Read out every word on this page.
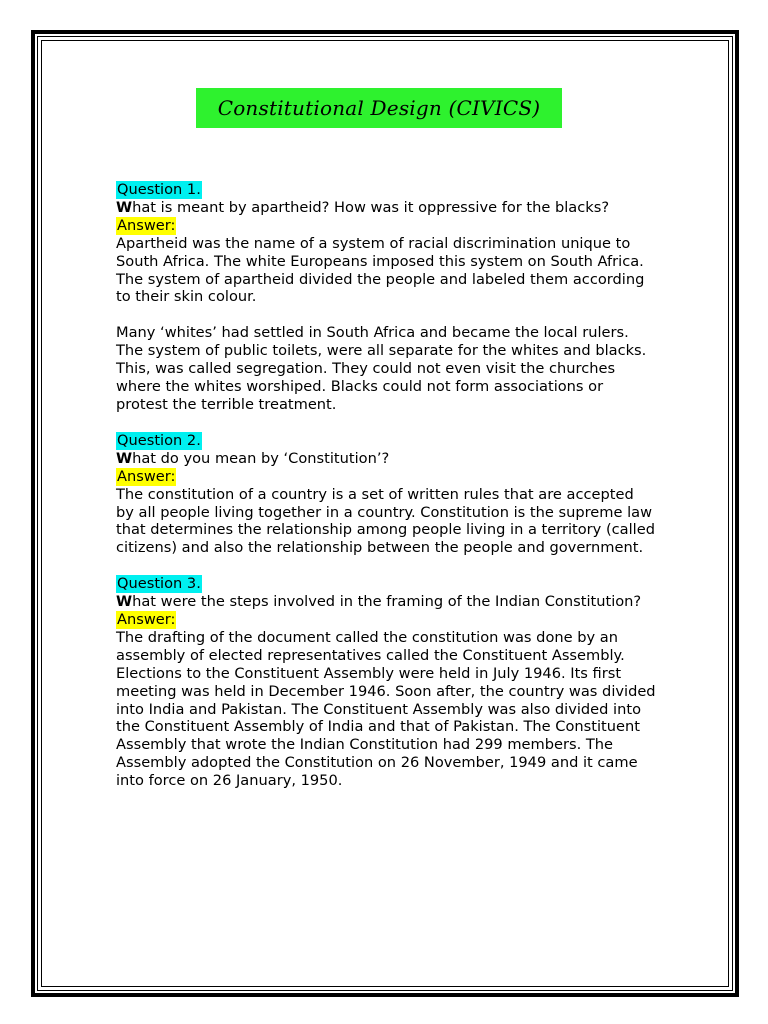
Constitutional Design (CIVICS)
Question 1.

What is meant by apartheid? How was it oppressive for the blacks?

Answer:

Apartheid was the name of a system of racial discrimination unique to South Africa. The white Europeans imposed this system on South Africa. The system of apartheid divided the people and labeled them according to their skin colour.

Many ‘whites’ had settled in South Africa and became the local rulers. The system of public toilets, were all separate for the whites and blacks. This, was called segregation. They could not even visit the churches where the whites worshiped. Blacks could not form associations or protest the terrible treatment.

Question 2.

What do you mean by ‘Constitution’?

Answer:

The constitution of a country is a set of written rules that are accepted by all people living together in a country. Constitution is the supreme law that determines the relationship among people living in a territory (called citizens) and also the relationship between the people and government.

Question 3.

What were the steps involved in the framing of the Indian Constitution?

Answer:

The drafting of the document called the constitution was done by an assembly of elected representatives called the Constituent Assembly. Elections to the Constituent Assembly were held in July 1946. Its first meeting was held in December 1946. Soon after, the country was divided into India and Pakistan. The Constituent Assembly was also divided into the Constituent Assembly of India and that of Pakistan. The Constituent Assembly that wrote the Indian Constitution had 299 members. The Assembly adopted the Constitution on 26 November, 1949 and it came into force on 26 January, 1950.
